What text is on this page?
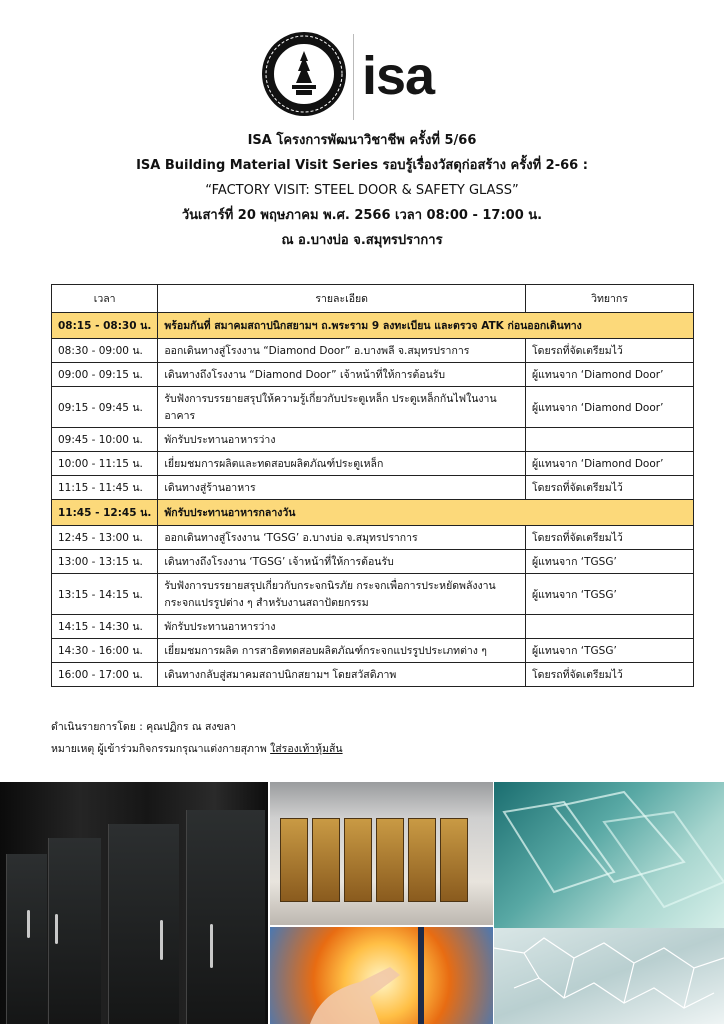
isa
ISA โครงการพัฒนาวิชาชีพ ครั้งที่ 5/66
ISA Building Material Visit Series รอบรู้เรื่องวัสดุก่อสร้าง ครั้งที่ 2-66 :
“FACTORY VISIT: STEEL DOOR & SAFETY GLASS”
วันเสาร์ที่ 20 พฤษภาคม พ.ศ. 2566 เวลา 08:00 - 17:00 น.
ณ อ.บางบ่อ จ.สมุทรปราการ
เวลา	รายละเอียด	วิทยากร
08:15 - 08:30 น.	พร้อมกันที่ สมาคมสถาปนิกสยามฯ ถ.พระราม 9 ลงทะเบียน และตรวจ ATK ก่อนออกเดินทาง	
08:30 - 09:00 น.	ออกเดินทางสู่โรงงาน “Diamond Door” อ.บางพลี จ.สมุทรปราการ	โดยรถที่จัดเตรียมไว้
09:00 - 09:15 น.	เดินทางถึงโรงงาน “Diamond Door” เจ้าหน้าที่ให้การต้อนรับ	ผู้แทนจาก ‘Diamond Door’
09:15 - 09:45 น.	รับฟังการบรรยายสรุปให้ความรู้เกี่ยวกับประตูเหล็ก ประตูเหล็กกันไฟในงานอาคาร	ผู้แทนจาก ‘Diamond Door’
09:45 - 10:00 น.	พักรับประทานอาหารว่าง	
10:00 - 11:15 น.	เยี่ยมชมการผลิตและทดสอบผลิตภัณฑ์ประตูเหล็ก	ผู้แทนจาก ‘Diamond Door’
11:15 - 11:45 น.	เดินทางสู่ร้านอาหาร	โดยรถที่จัดเตรียมไว้
11:45 - 12:45 น.	พักรับประทานอาหารกลางวัน	
12:45 - 13:00 น.	ออกเดินทางสู่โรงงาน ‘TGSG’ อ.บางบ่อ จ.สมุทรปราการ	โดยรถที่จัดเตรียมไว้
13:00 - 13:15 น.	เดินทางถึงโรงงาน ‘TGSG’ เจ้าหน้าที่ให้การต้อนรับ	ผู้แทนจาก ‘TGSG’
13:15 - 14:15 น.	รับฟังการบรรยายสรุปเกี่ยวกับกระจกนิรภัย กระจกเพื่อการประหยัดพลังงาน กระจกแปรรูปต่าง ๆ สำหรับงานสถาปัตยกรรม	ผู้แทนจาก ‘TGSG’
14:15 - 14:30 น.	พักรับประทานอาหารว่าง	
14:30 - 16:00 น.	เยี่ยมชมการผลิต การสาธิตทดสอบผลิตภัณฑ์กระจกแปรรูปประเภทต่าง ๆ	ผู้แทนจาก ‘TGSG’
16:00 - 17:00 น.	เดินทางกลับสู่สมาคมสถาปนิกสยามฯ โดยสวัสดิภาพ	โดยรถที่จัดเตรียมไว้
ดำเนินรายการโดย : คุณปฏิกร ณ สงขลา
หมายเหตุ ผู้เข้าร่วมกิจกรรมกรุณาแต่งกายสุภาพ ใส่รองเท้าหุ้มส้น
